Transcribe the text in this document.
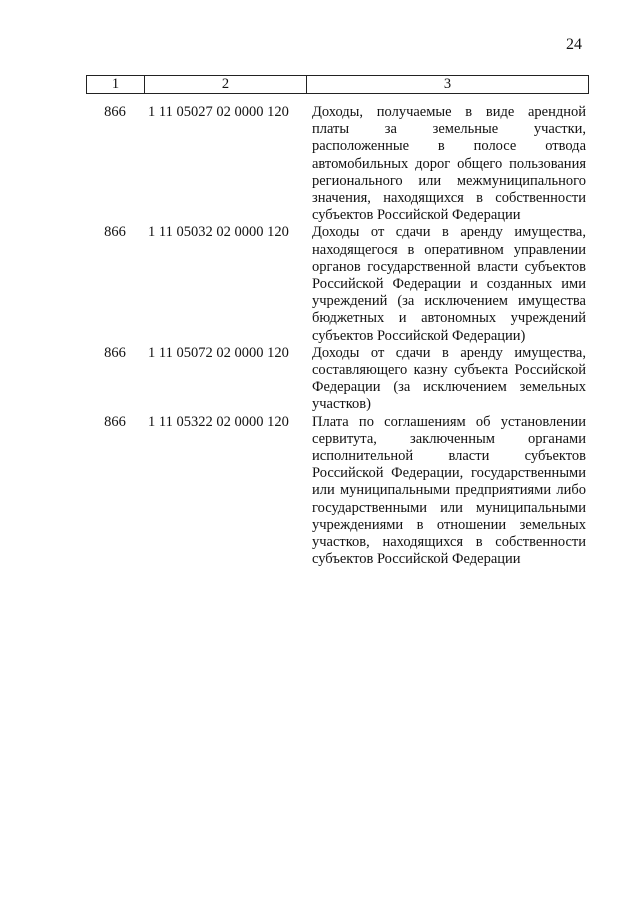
24
1	2	3
866	1 11 05027 02 0000 120	Доходы, получаемые в виде арендной платы за земельные участки, расположенные в полосе отвода автомобильных дорог общего пользования регионального или межмуниципального значения, находящихся в собственности субъектов Российской Федерации
866	1 11 05032 02 0000 120	Доходы от сдачи в аренду имущества, находящегося в оперативном управлении органов государственной власти субъектов Российской Федерации и созданных ими учреждений (за исключением имущества бюджетных и автономных учреждений субъектов Российской Федерации)
866	1 11 05072 02 0000 120	Доходы от сдачи в аренду имущества, составляющего казну субъекта Российской Федерации (за исключением земельных участков)
866	1 11 05322 02 0000 120	Плата по соглашениям об установлении сервитута, заключенным органами исполнительной власти субъектов Российской Федерации, государственными или муниципальными предприятиями либо государственными или муниципальными учреждениями в отношении земельных участков, находящихся в собственности субъектов Российской Федерации
